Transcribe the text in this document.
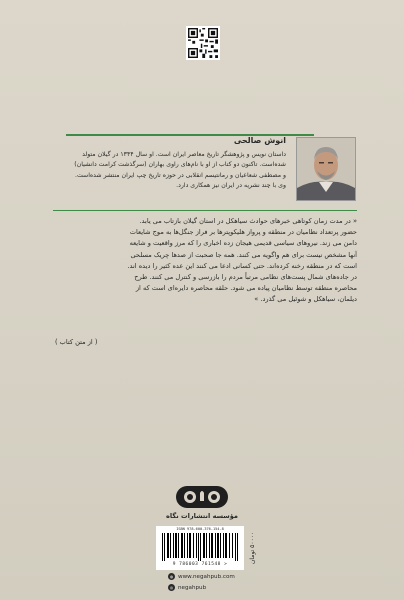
انوش صالحی
داستان نویس و پژوهشگر تاریخ معاصر ایران است. او سال ۱۳۴۴ در گیلان متولد
شده‌است. تاکنون دو کتاب از او با نام‌های راوی بهاران (سرگذشت کرامت دانشیان)
و مصطفی شعاعیان و رمانتیسم انقلابی در حوزه تاریخ چپ ایران منتشر شده‌است.
وی با چند نشریه در ایران نیز همکاری دارد.
« در مدت زمان کوتاهی خبرهای حوادث سیاهکل در استان گیلان بازتاب می یابد.
حضور پرتعداد نظامیان در منطقه و پرواز هلیکوپترها بر فراز جنگل‌ها به موج شایعات
دامن می زند. نیروهای سیاسی قدیمی هیجان زده اخباری را که مرز واقعیت و شایعه
آنها مشخص نیست برای هم واگویه می کنند. همه جا صحبت از صدها چریک مسلحی
است که در منطقه رخنه کرده‌اند. حتی کسانی ادعا می کنند این عده کثیر را دیده اند.
در جاده‌های شمال پست‌های نظامی مرتباً مردم را بازرسی و کنترل می کنند. طرح
محاصره منطقه توسط نظامیان پیاده می شود. حلقه محاصره دایره‌ای است که از
دیلمان، سیاهکل و شوئیل می گذرد. »
( از متن کتاب )
مؤسسه انتشارات نگاه
ISBN 978-600-376-154-8
9 786003 761548 >
۵۰۰۰۰ تومان
◍ www.negahpub.com
◎ negahpub
